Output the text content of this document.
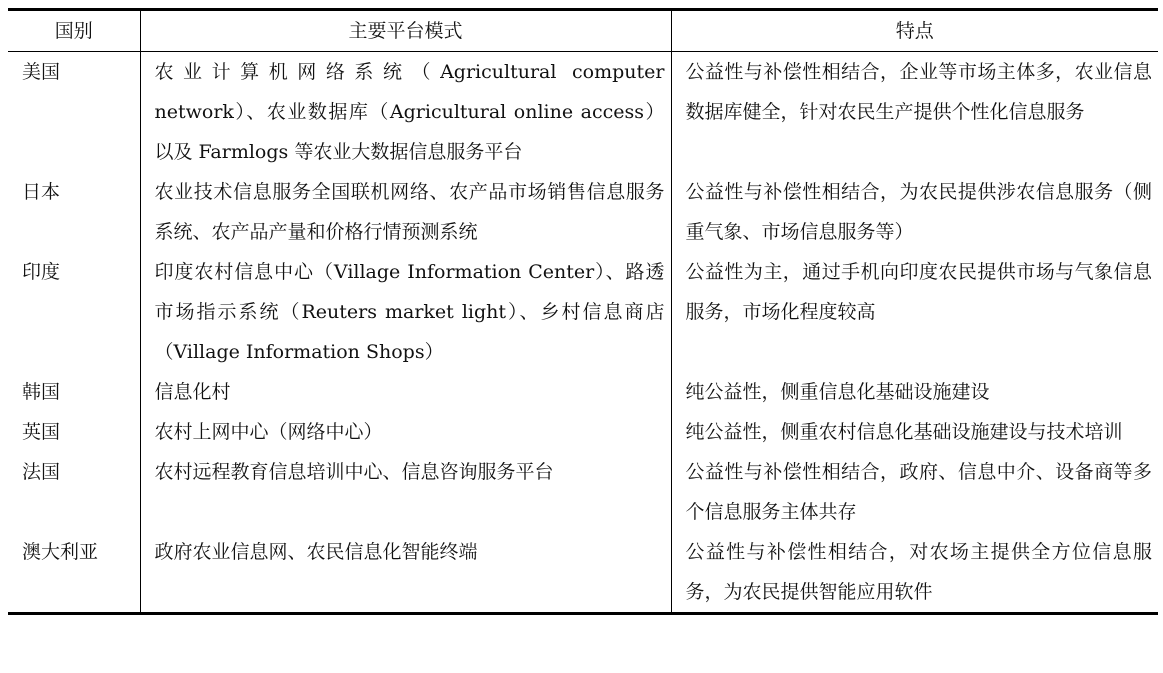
国别	主要平台模式	特点
美国	农业计算机网络系统（Agricultural computer network）、农业数据库（Agricultural online access）以及 Farmlogs 等农业大数据信息服务平台	公益性与补偿性相结合，企业等市场主体多，农业信息数据库健全，针对农民生产提供个性化信息服务
日本	农业技术信息服务全国联机网络、农产品市场销售信息服务系统、农产品产量和价格行情预测系统	公益性与补偿性相结合，为农民提供涉农信息服务（侧重气象、市场信息服务等）
印度	印度农村信息中心（Village Information Center）、路透市场指示系统（Reuters market light）、乡村信息商店（Village Information Shops）	公益性为主，通过手机向印度农民提供市场与气象信息服务，市场化程度较高
韩国	信息化村	纯公益性，侧重信息化基础设施建设
英国	农村上网中心（网络中心）	纯公益性，侧重农村信息化基础设施建设与技术培训
法国	农村远程教育信息培训中心、信息咨询服务平台	公益性与补偿性相结合，政府、信息中介、设备商等多个信息服务主体共存
澳大利亚	政府农业信息网、农民信息化智能终端	公益性与补偿性相结合，对农场主提供全方位信息服务，为农民提供智能应用软件
